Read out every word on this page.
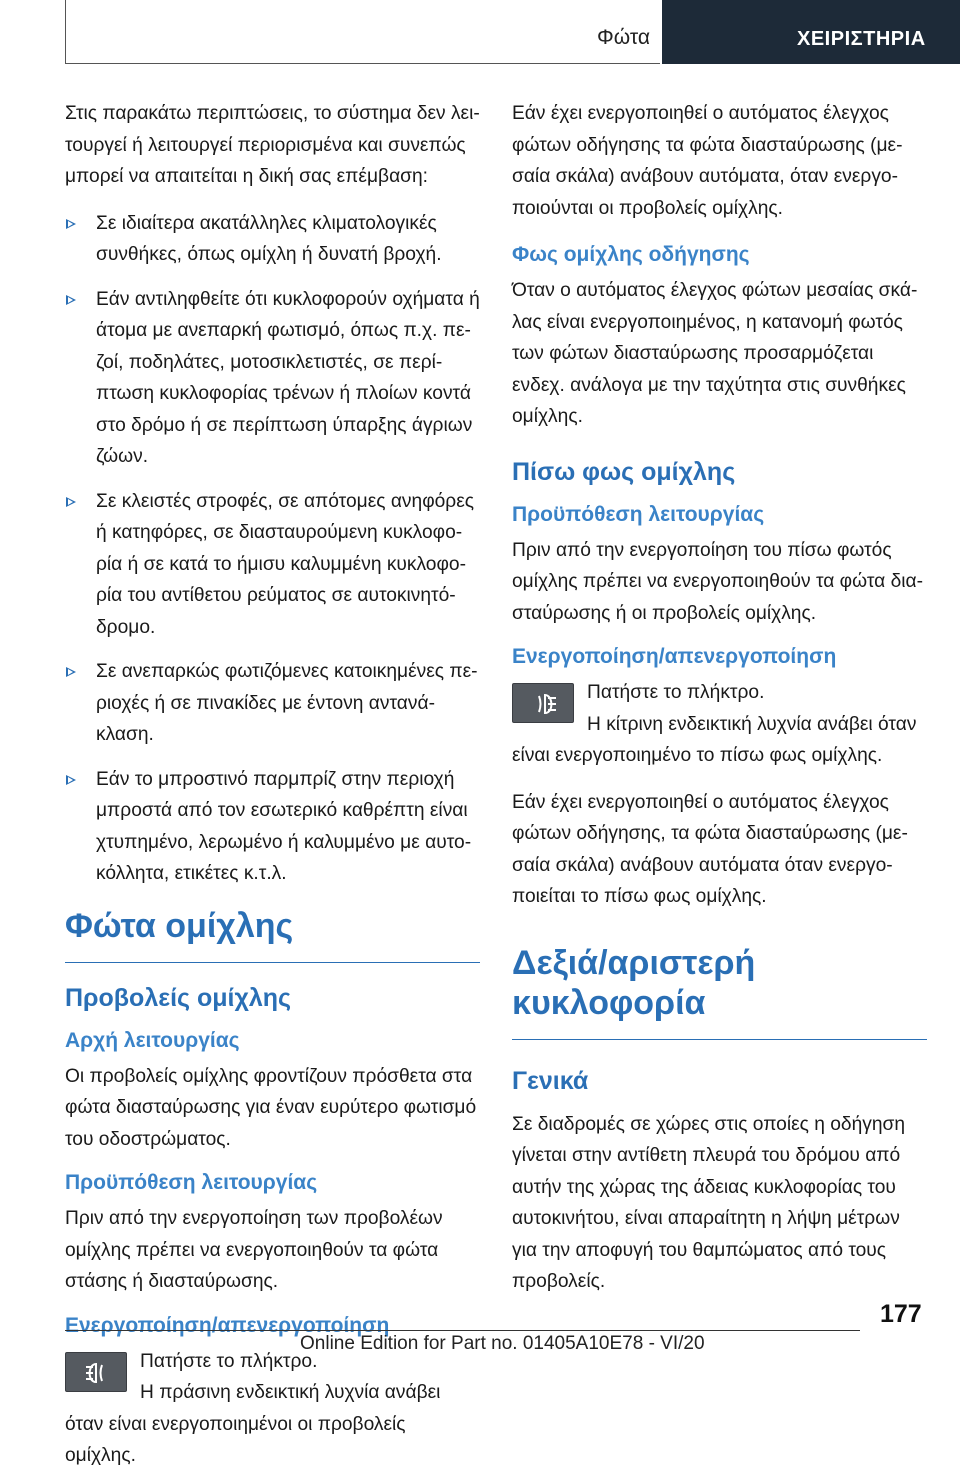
Φώτα	ΧΕΙΡΙΣΤΗΡΙΑ

Στις παρακάτω περιπτώσεις, το σύστημα δεν λειτουργεί ή λειτουργεί περιορισμένα και συνεπώς μπορεί να απαιτείται η δική σας επέμβαση:

Σε ιδιαίτερα ακατάλληλες κλιματολογικές συνθήκες, όπως ομίχλη ή δυνατή βροχή.
Εάν αντιληφθείτε ότι κυκλοφορούν οχήματα ή άτομα με ανεπαρκή φωτισμό, όπως π.χ. πεζοί, ποδηλάτες, μοτοσικλετιστές, σε περίπτωση κυκλοφορίας τρένων ή πλοίων κοντά στο δρόμο ή σε περίπτωση ύπαρξης άγριων ζώων.
Σε κλειστές στροφές, σε απότομες ανηφόρες ή κατηφόρες, σε διασταυρούμενη κυκλοφορία ή σε κατά το ήμισυ καλυμμένη κυκλοφορία του αντίθετου ρεύματος σε αυτοκινητόδρομο.
Σε ανεπαρκώς φωτιζόμενες κατοικημένες περιοχές ή σε πινακίδες με έντονη αντανάκλαση.
Εάν το μπροστινό παρμπρίζ στην περιοχή μπροστά από τον εσωτερικό καθρέπτη είναι χτυπημένο, λερωμένο ή καλυμμένο με αυτοκόλλητα, ετικέτες κ.τ.λ.
Φώτα ομίχλης
Προβολείς ομίχλης
Αρχή λειτουργίας

Οι προβολείς ομίχλης φροντίζουν πρόσθετα στα φώτα διασταύρωσης για έναν ευρύτερο φωτισμό του οδοστρώματος.

Προϋπόθεση λειτουργίας

Πριν από την ενεργοποίηση των προβολέων ομίχλης πρέπει να ενεργοποιηθούν τα φώτα στάσης ή διασταύρωσης.

Ενεργοποίηση/απενεργοποίηση

Πατήστε το πλήκτρο.

Η πράσινη ενδεικτική λυχνία ανάβει όταν είναι ενεργοποιημένοι οι προβολείς ομίχλης.

Εάν έχει ενεργοποιηθεί ο αυτόματος έλεγχος φώτων οδήγησης τα φώτα διασταύρωσης (μεσαία σκάλα) ανάβουν αυτόματα, όταν ενεργοποιούνται οι προβολείς ομίχλης.

Φως ομίχλης οδήγησης

Όταν ο αυτόματος έλεγχος φώτων μεσαίας σκάλας είναι ενεργοποιημένος, η κατανομή φωτός των φώτων διασταύρωσης προσαρμόζεται ενδεχ. ανάλογα με την ταχύτητα στις συνθήκες ομίχλης.

Πίσω φως ομίχλης
Προϋπόθεση λειτουργίας

Πριν από την ενεργοποίηση του πίσω φωτός ομίχλης πρέπει να ενεργοποιηθούν τα φώτα διασταύρωσης ή οι προβολείς ομίχλης.

Ενεργοποίηση/απενεργοποίηση

Πατήστε το πλήκτρο.

Η κίτρινη ενδεικτική λυχνία ανάβει όταν είναι ενεργοποιημένο το πίσω φως ομίχλης.

Εάν έχει ενεργοποιηθεί ο αυτόματος έλεγχος φώτων οδήγησης, τα φώτα διασταύρωσης (μεσαία σκάλα) ανάβουν αυτόματα όταν ενεργοποιείται το πίσω φως ομίχλης.

Δεξιά/αριστερή κυκλοφορία
Γενικά

Σε διαδρομές σε χώρες στις οποίες η οδήγηση γίνεται στην αντίθετη πλευρά του δρόμου από αυτήν της χώρας της άδειας κυκλοφορίας του αυτοκινήτου, είναι απαραίτητη η λήψη μέτρων για την αποφυγή του θαμπώματος από τους προβολείς.

177
Online Edition for Part no. 01405A10E78 - VI/20
